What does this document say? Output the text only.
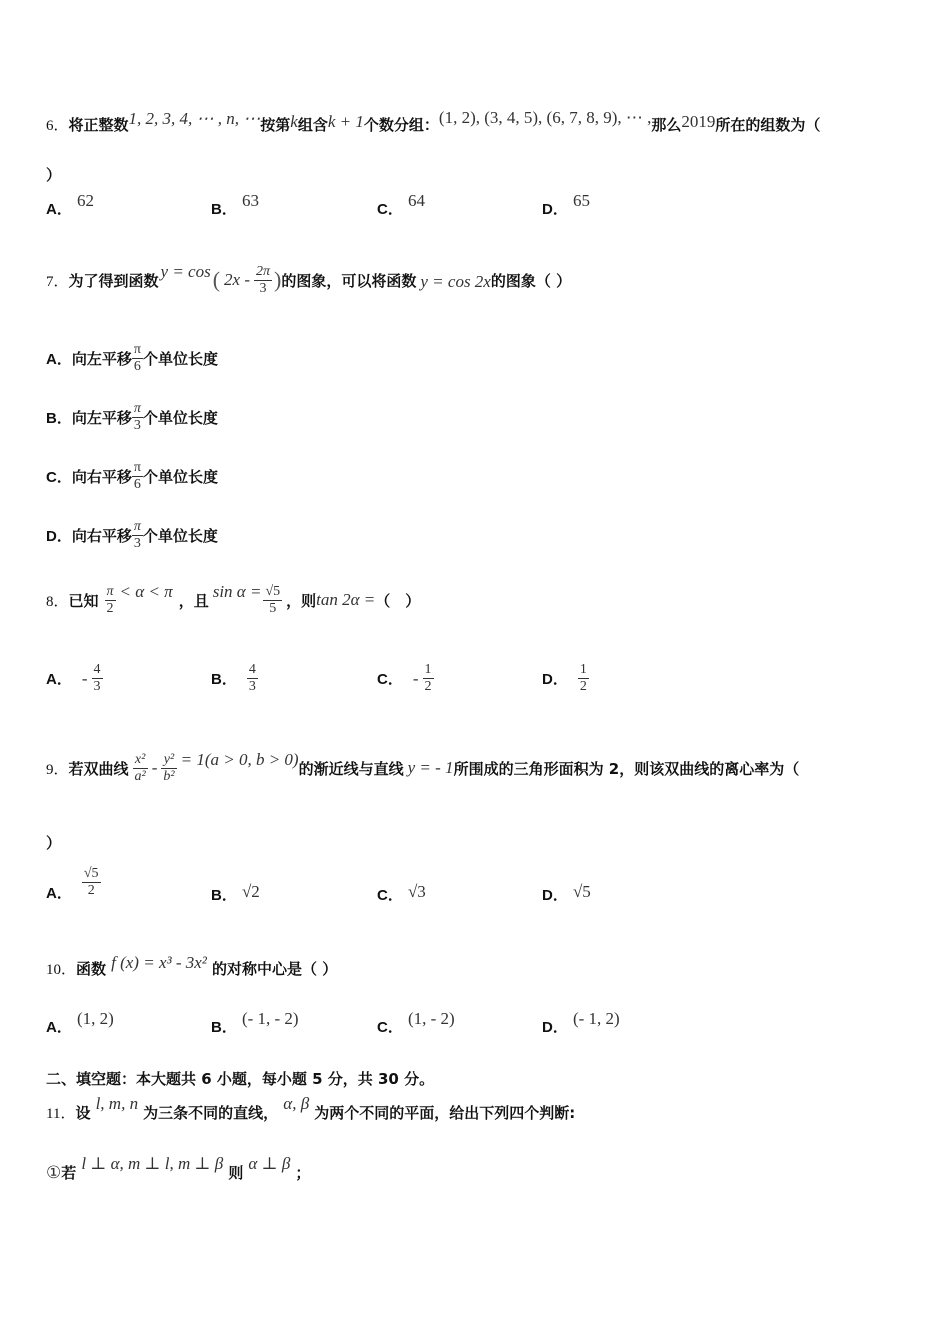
6．将正整数1, 2, 3, 4, ⋯ , n, ⋯按第k组含k + 1个数分组：(1, 2), (3, 4, 5), (6, 7, 8, 9), ⋯ ,那么2019所在的组数为（
）
A． 62	B． 63	C． 64	D． 65
7． 为了得到函数 y = cos ( $2x - \frac{2\pi}{3}$ ) 的图象，可以将函数 y = cos 2x 的图象（ ）
A． 向左平移 $\frac{\pi}{6}$ 个单位长度
B． 向左平移 $\frac{\pi}{3}$ 个单位长度
C． 向右平移 $\frac{\pi}{6}$ 个单位长度
D． 向右平移 $\frac{\pi}{3}$ 个单位长度
8． 已知 $\frac{\pi}{2} < \alpha < \pi$ ，且 $\sin \alpha = \frac{√5}{5}$ ，则 tan 2α = （　）
A． - $\frac{4}{3}$	B． $\frac{4}{3}$	C． - $\frac{1}{2}$	D． $\frac{1}{2}$
9． 若双曲线 $\frac{\text{x²}}{\text{a²}} - \frac{\text{y²}}{\text{b²}} = 1(a > 0$, b > 0) 的渐近线与直线 y = - 1 所围成的三角形面积为 2，则该双曲线的离心率为（
）
A． $\frac{√5}{2}$	B． √2	C． √3	D． √5
10．函数 f (x) = x³ - 3x² 的对称中心是（ ）
A． (1, 2)	B． (- 1, - 2)	C． (1, - 2)	D． (- 1, 2)
二、填空题：本大题共 6 小题，每小题 5 分，共 30 分。
11．设 l, m, n 为三条不同的直线， α, β 为两个不同的平面，给出下列四个判断:
①若 l ⊥ α, m ⊥ l, m ⊥ β 则 α ⊥ β ；
